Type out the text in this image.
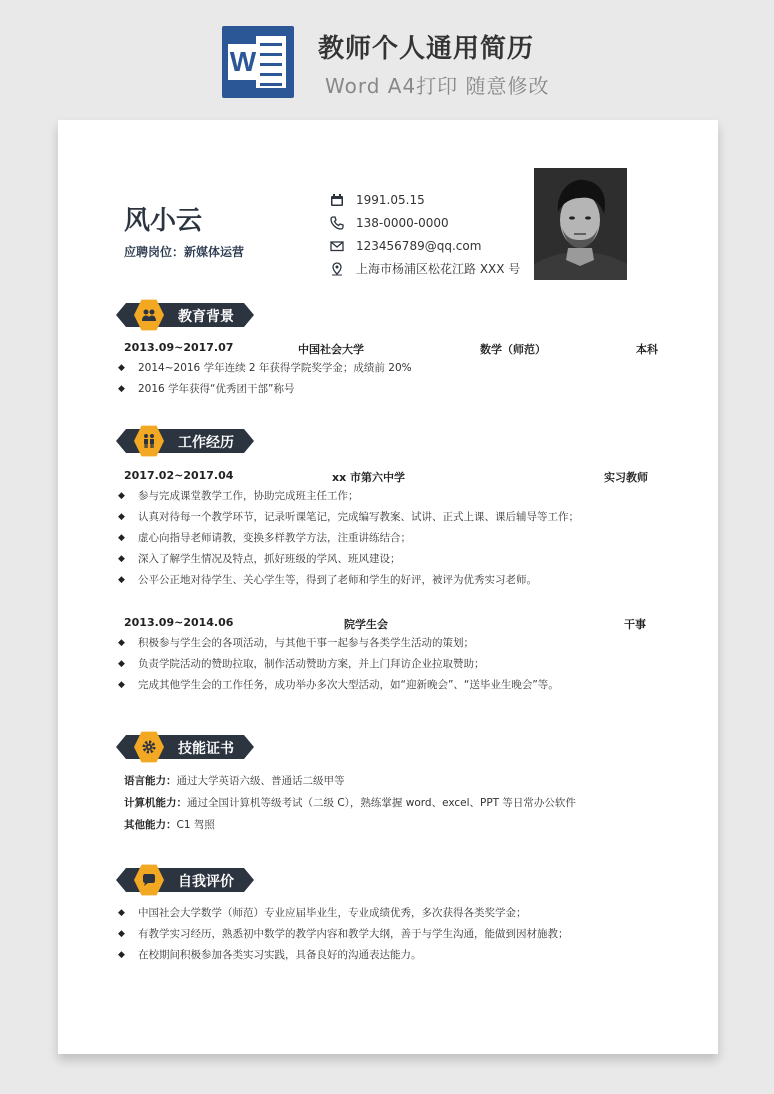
W 教师个人通用简历
Word A4打印 随意修改
风小云
应聘岗位：新媒体运营
1991.05.15
138-0000-0000
123456789@qq.com
上海市杨浦区松花江路 XXX 号
教育背景
2013.09~2017.07	中国社会大学	数学（师范）	本科
◆ 2014~2016 学年连续 2 年获得学院奖学金；成绩前 20%
◆ 2016 学年获得“优秀团干部”称号
工作经历
2017.02~2017.04	xx 市第六中学	实习教师
◆ 参与完成课堂教学工作，协助完成班主任工作；
◆ 认真对待每一个教学环节，记录听课笔记，完成编写教案、试讲、正式上课、课后辅导等工作；
◆ 虚心向指导老师请教，变换多样教学方法，注重讲练结合；
◆ 深入了解学生情况及特点，抓好班级的学风、班风建设；
◆ 公平公正地对待学生、关心学生等，得到了老师和学生的好评，被评为优秀实习老师。
2013.09~2014.06	院学生会	干事
◆ 积极参与学生会的各项活动，与其他干事一起参与各类学生活动的策划；
◆ 负责学院活动的赞助拉取，制作活动赞助方案，并上门拜访企业拉取赞助；
◆ 完成其他学生会的工作任务，成功举办多次大型活动，如“迎新晚会”、“送毕业生晚会”等。
技能证书
语言能力：通过大学英语六级、普通话二级甲等
计算机能力：通过全国计算机等级考试（二级 C），熟练掌握 word、excel、PPT 等日常办公软件
其他能力：C1 驾照
自我评价
◆ 中国社会大学数学（师范）专业应届毕业生，专业成绩优秀，多次获得各类奖学金；
◆ 有教学实习经历，熟悉初中数学的教学内容和教学大纲，善于与学生沟通，能做到因材施教；
◆ 在校期间积极参加各类实习实践，具备良好的沟通表达能力。
